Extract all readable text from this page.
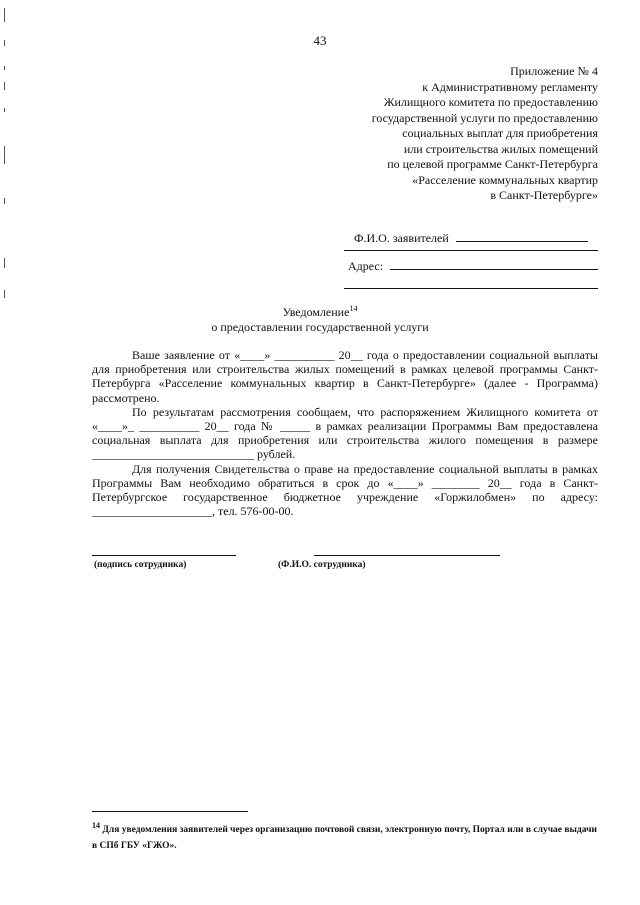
43
Приложение № 4
к Административному регламенту
Жилищного комитета по предоставлению
государственной услуги по предоставлению
социальных выплат для приобретения
или строительства жилых помещений
по целевой программе Санкт-Петербурга
«Расселение коммунальных квартир
в Санкт-Петербурге»
Ф.И.О. заявителей
Адрес:
Уведомление$^{14}$
о предоставлении государственной услуги

Ваше заявление от «____» __________ 20__ года о предоставлении социальной выплаты для приобретения или строительства жилых помещений в рамках целевой программы Санкт-Петербурга «Расселение коммунальных квартир в Санкт-Петербурге» (далее - Программа) рассмотрено.

По результатам рассмотрения сообщаем, что распоряжением Жилищного комитета от «____»_ __________ 20__ года № _____ в рамках реализации Программы Вам предоставлена социальная выплата для приобретения или строительства жилого помещения в размере ___________________________ рублей.

Для получения Свидетельства о праве на предоставление социальной выплаты в рамках Программы Вам необходимо обратиться в срок до «____» ________ 20__ года в Санкт-Петербургское государственное бюджетное учреждение «Горжилобмен» по адресу: ____________________, тел. 576-00-00.

(подпись сотрудника)	(Ф.И.О. сотрудника)
$^{14}$ Для уведомления заявителей через организацию почтовой связи, электронную почту, Портал или в случае выдачи в СПб ГБУ «ГЖО».
